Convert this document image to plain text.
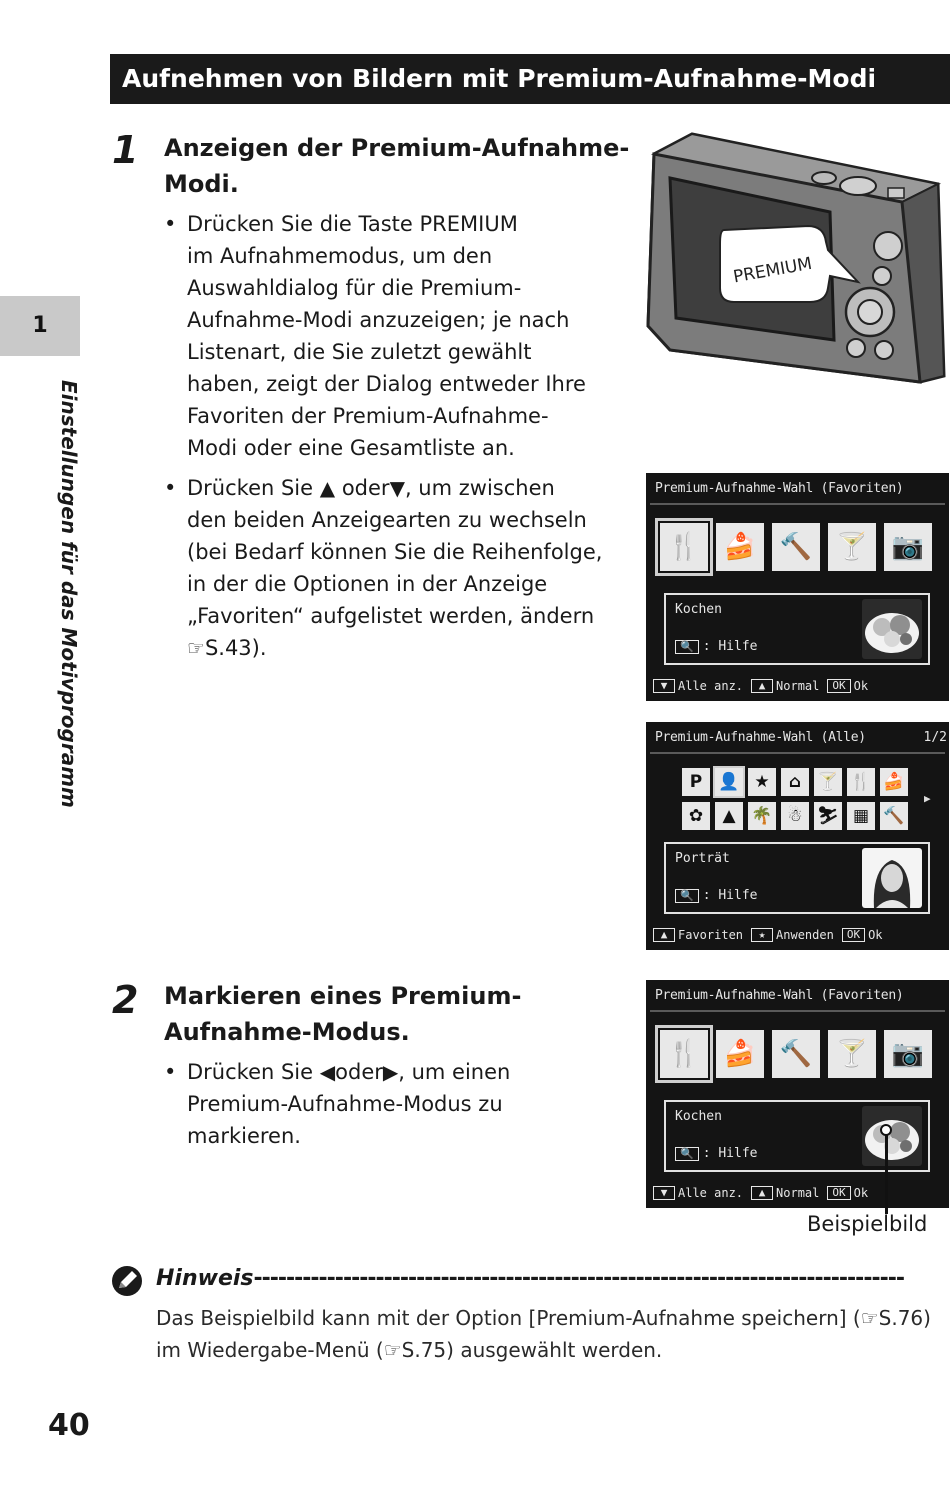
Aufnehmen von Bildern mit Premium-Aufnahme-Modi
1
Einstellungen für das Motivprogramm
1 Anzeigen der Premium-Aufnahme-
Modi.
• Drücken Sie die Taste PREMIUM
im Aufnahmemodus, um den
Auswahldialog für die Premium-
Aufnahme-Modi anzuzeigen; je nach
Listenart, die Sie zuletzt gewählt
haben, zeigt der Dialog entweder Ihre
Favoriten der Premium-Aufnahme-
Modi oder eine Gesamtliste an.
• Drücken Sie ▲ oder▼, um zwischen
den beiden Anzeigearten zu wechseln
(bei Bedarf können Sie die Reihenfolge,
in der die Optionen in der Anzeige
„Favoriten“ aufgelistet werden, ändern
☞S.43).
PREMIUM
Premium-Aufnahme-Wahl (Favoriten)
🍴 🍰 🔨 🍸 📷
Kochen
🔍 : Hilfe
▼ Alle anz.	▲ Normal	OK Ok
Premium-Aufnahme-Wahl (Alle)	1/2
P 👤 ★	⌂ 🍸 🍴 🍰
✿	▲ 🌴 ☃ ⛷ ▦ 🔨
▶
Porträt
🔍 : Hilfe
▲ Favoriten	★ Anwenden	OK Ok
2 Markieren eines Premium-
Aufnahme-Modus.
• Drücken Sie ◀oder▶, um einen
Premium-Aufnahme-Modus zu
markieren.
Premium-Aufnahme-Wahl (Favoriten)
🍴 🍰 🔨 🍸 📷
Kochen
🔍 : Hilfe
▼ Alle anz.	▲ Normal	OK Ok
Beispielbild
Hinweis--------------------------------------------------------------------------------
Das Beispielbild kann mit der Option [Premium-Aufnahme speichern] (☞S.76)
im Wiedergabe-Menü (☞S.75) ausgewählt werden.
40
